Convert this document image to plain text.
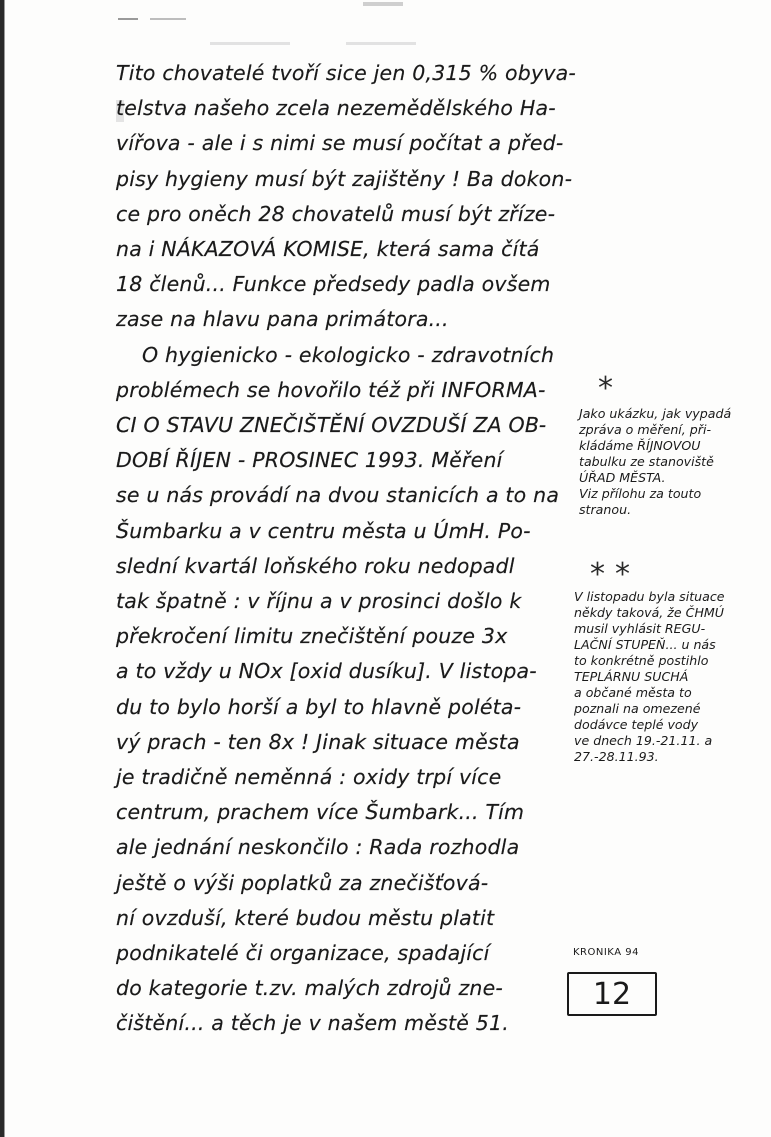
Tito chovatelé tvoří sice jen 0,315 % obyva-
telstva našeho zcela nezemědělského Ha-
vířova - ale i s nimi se musí počítat a před-
pisy hygieny musí být zajištěny ! Ba dokon-
ce pro oněch 28 chovatelů musí být zříze-
na i NÁKAZOVÁ KOMISE, která sama čítá
18 členů... Funkce předsedy padla ovšem
zase na hlavu pana primátora...
O hygienicko - ekologicko - zdravotních
problémech se hovořilo též při INFORMA-
CI O STAVU ZNEČIŠTĚNÍ OVZDUŠÍ ZA OB-
DOBÍ ŘÍJEN - PROSINEC 1993. Měření
se u nás provádí na dvou stanicích a to na
Šumbarku a v centru města u ÚmH. Po-
slední kvartál loňského roku nedopadl
tak špatně : v říjnu a v prosinci došlo k
překročení limitu znečištění pouze 3x
a to vždy u NOx [oxid dusíku]. V listopa-
du to bylo horší a byl to hlavně poléta-
vý prach - ten 8x ! Jinak situace města
je tradičně neměnná : oxidy trpí více
centrum, prachem více Šumbark... Tím
ale jednání neskončilo : Rada rozhodla
ještě o výši poplatků za znečišťová-
ní ovzduší, které budou městu platit
podnikatelé či organizace, spadající
do kategorie t.zv. malých zdrojů zne-
čištění... a těch je v našem městě 51.
*
Jako ukázku, jak vypadá
zpráva o měření, při-
kládáme ŘÍJNOVOU
tabulku ze stanoviště
ÚŘAD MĚSTA.
Viz přílohu za touto
stranou.
**
V listopadu byla situace
někdy taková, že ČHMÚ
musil vyhlásit REGU-
LAČNÍ STUPEŇ... u nás
to konkrétně postihlo
TEPLÁRNU SUCHÁ
a občané města to
poznali na omezené
dodávce teplé vody
ve dnech 19.-21.11. a
27.-28.11.93.
KRONIKA 94
12
